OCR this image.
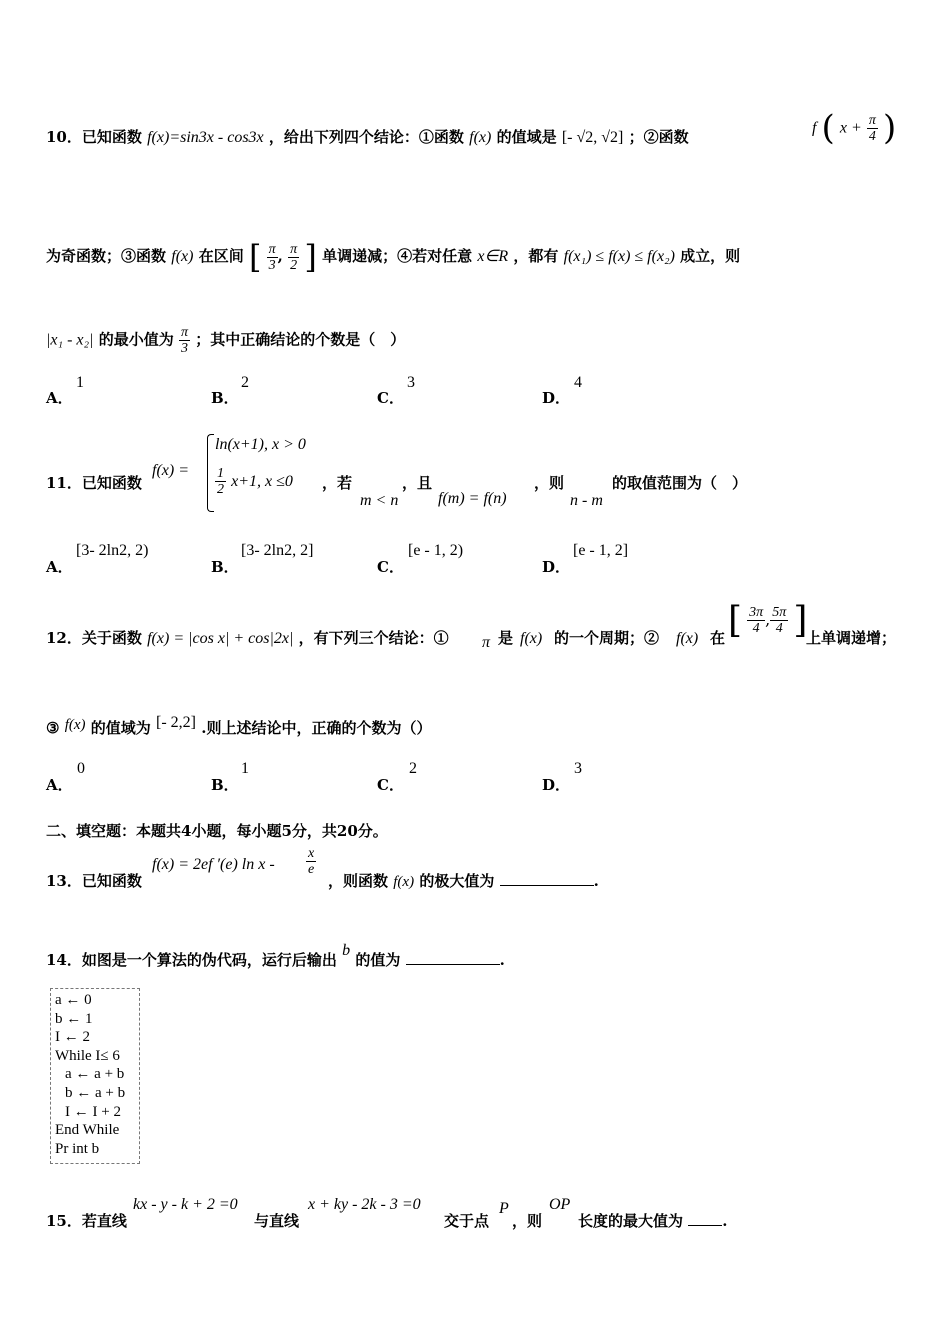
10．已知函数 f(x)=sin3x - cos3x ，给出下列四个结论：①函数 f(x) 的值域是 [- √2, √2] ；②函数	f ( $x + \frac{\pi}{4}$ )
为奇函数；③函数 f(x) 在区间 [ $\frac{\pi}{3}$ , $\frac{\pi}{2}$ ] 单调递减；④若对任意 x∈R ，都有 f(x₁) ≤ f(x) ≤ f(x₂) 成立，则
|x₁ - x₂| 的最小值为 $\frac{\pi}{3}$ ；其中正确结论的个数是（　）
A．
1
B．
2
C．
3
D．
4
11．已知函数
f(x) =
ln(x+1), x > 0
$\frac{1}{2} x+1$, x ≤0 ，若
m < n
，且
f(m) = f(n)
，则
n - m
的取值范围为（　）
A．
[3- 2ln2, 2)
B．
[3- 2ln2, 2]
C．
[e - 1, 2)
D．
[e - 1, 2]
12．关于函数 f(x) = |cos x| + cos|2x| ，有下列三个结论：① π 是 f(x) 的一个周期；② f(x) 在 [ $\frac{3\pi}{4}$ , $\frac{5\pi}{4}$ ]
上单调递增；
③ f(x) 的值域为 [- 2,2] .则上述结论中，正确的个数为（）
A．
0
B．
1
C．
2
D．
3
二、填空题：本题共4小题，每小题5分，共20分。
13．已知函数
f(x) = 2ef ′(e) ln x - $\frac{x}{e}$
，则函数 f(x) 的极大值为	.
14．如图是一个算法的伪代码，运行后输出 b 的值为	.
a ← 0
b ← 1
I ← 2
While I≤ 6
a ← a + b
b ← a + b
I ← I + 2
End While
Pr int b
15．若直线
kx - y - k + 2 =0
与直线
x + ky - 2k - 3 =0
交于点
P
，则
OP
长度的最大值为	.
